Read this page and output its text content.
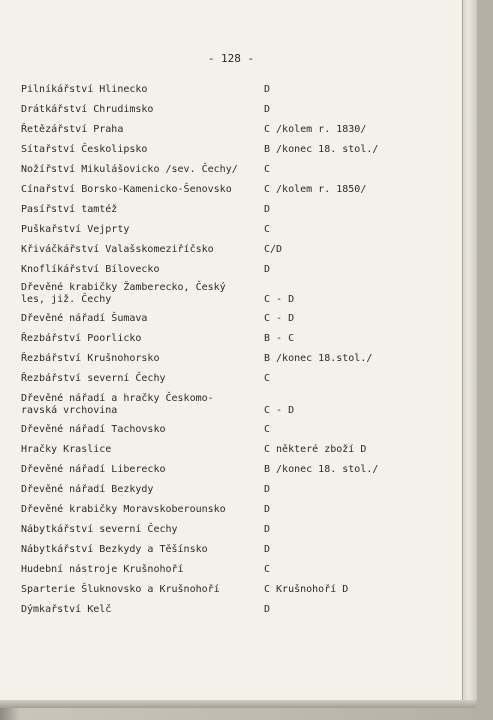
- 128 -
Pilníkářství Hlinecko	D
Drátkářství Chrudimsko	D
Řetězářství Praha	C /kolem r. 1830/
Sítařství Českolipsko	B /konec 18. stol./
Nožířství Mikulášovicko /sev. Čechy/	C
Cínařství Borsko-Kamenicko-Šenovsko	C /kolem r. 1850/
Pasířství tamtéž	D
Puškařství Vejprty	C
Křiváčkářství Valašskomeziříčsko	C/D
Knoflíkářství Bílovecko	D
Dřevěné krabičky Žamberecko, Český
les, již. Čechy	C - D
Dřevěné nářadí Šumava	C - D
Řezbářství Poorlicko	B - C
Řezbářství Krušnohorsko	B /konec 18.stol./
Řezbářství severní Čechy	C
Dřevěné nářadí a hračky Českomo-
ravská vrchovina	C - D
Dřevěné nářadí Tachovsko	C
Hračky Kraslice	C některé zboží D
Dřevěné nářadí Liberecko	B /konec 18. stol./
Dřevěné nářadí Bezkydy	D
Dřevěné krabičky Moravskoberounsko	D
Nábytkářství severní Čechy	D
Nábytkářství Bezkydy a Těšínsko	D
Hudební nástroje Krušnohoří	C
Sparterie Šluknovsko a Krušnohoří	C Krušnohoří D
Dýmkařství Kelč	D
